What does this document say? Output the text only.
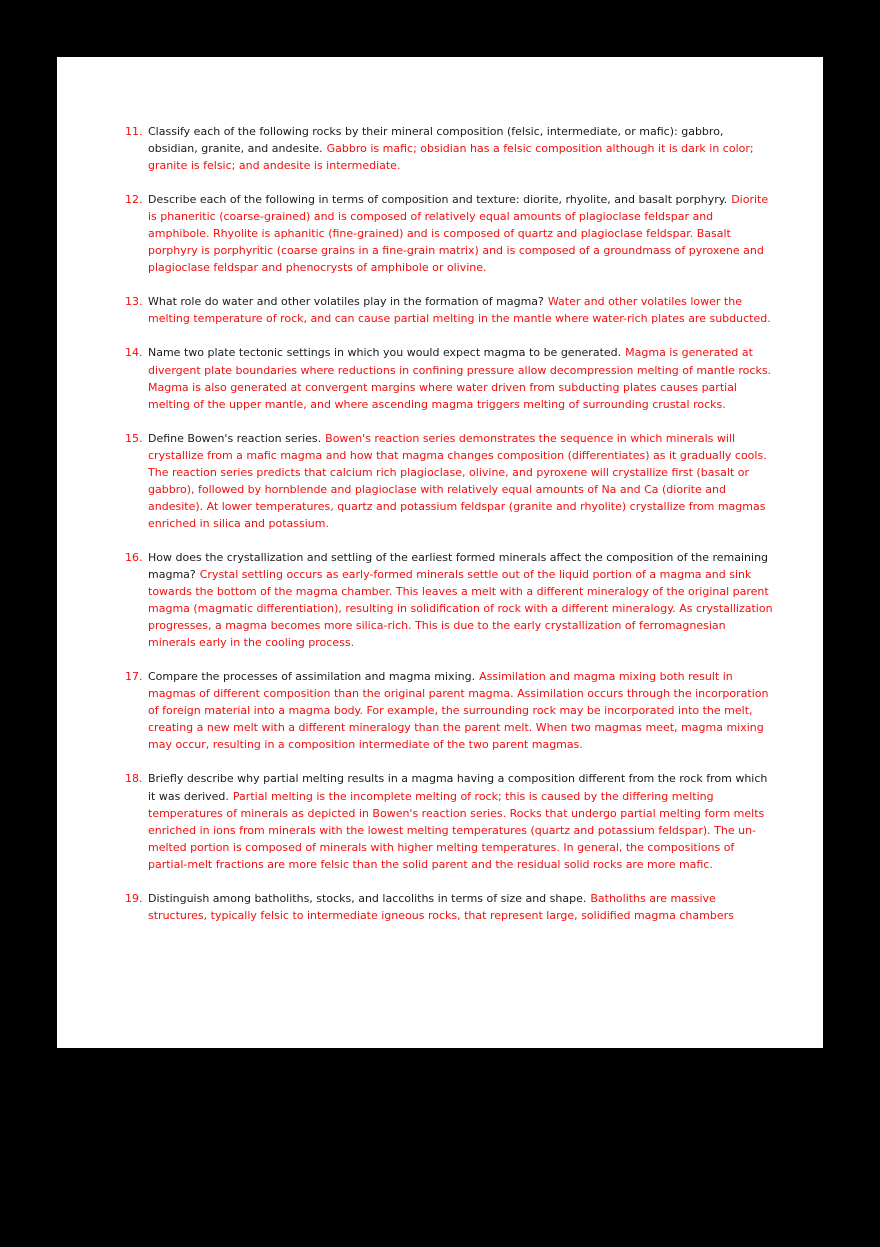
11. Classify each of the following rocks by their mineral composition (felsic, intermediate, or mafic): gabbro, obsidian, granite, and andesite. Gabbro is mafic; obsidian has a felsic composition although it is dark in color; granite is felsic; and andesite is intermediate.

12. Describe each of the following in terms of composition and texture: diorite, rhyolite, and basalt porphyry. Diorite is phaneritic (coarse-grained) and is composed of relatively equal amounts of plagioclase feldspar and amphibole. Rhyolite is aphanitic (fine-grained) and is composed of quartz and plagioclase feldspar. Basalt porphyry is porphyritic (coarse grains in a fine-grain matrix) and is composed of a groundmass of pyroxene and plagioclase feldspar and phenocrysts of amphibole or olivine.

13. What role do water and other volatiles play in the formation of magma? Water and other volatiles lower the melting temperature of rock, and can cause partial melting in the mantle where water-rich plates are subducted.

14. Name two plate tectonic settings in which you would expect magma to be generated. Magma is generated at divergent plate boundaries where reductions in confining pressure allow decompression melting of mantle rocks. Magma is also generated at convergent margins where water driven from subducting plates causes partial melting of the upper mantle, and where ascending magma triggers melting of surrounding crustal rocks.

15. Define Bowen's reaction series. Bowen's reaction series demonstrates the sequence in which minerals will crystallize from a mafic magma and how that magma changes composition (differentiates) as it gradually cools. The reaction series predicts that calcium rich plagioclase, olivine, and pyroxene will crystallize first (basalt or gabbro), followed by hornblende and plagioclase with relatively equal amounts of Na and Ca (diorite and andesite). At lower temperatures, quartz and potassium feldspar (granite and rhyolite) crystallize from magmas enriched in silica and potassium.

16. How does the crystallization and settling of the earliest formed minerals affect the composition of the remaining magma? Crystal settling occurs as early-formed minerals settle out of the liquid portion of a magma and sink towards the bottom of the magma chamber. This leaves a melt with a different mineralogy of the original parent magma (magmatic differentiation), resulting in solidification of rock with a different mineralogy. As crystallization progresses, a magma becomes more silica-rich. This is due to the early crystallization of ferromagnesian minerals early in the cooling process.

17. Compare the processes of assimilation and magma mixing. Assimilation and magma mixing both result in magmas of different composition than the original parent magma. Assimilation occurs through the incorporation of foreign material into a magma body. For example, the surrounding rock may be incorporated into the melt, creating a new melt with a different mineralogy than the parent melt. When two magmas meet, magma mixing may occur, resulting in a composition intermediate of the two parent magmas.

18. Briefly describe why partial melting results in a magma having a composition different from the rock from which it was derived. Partial melting is the incomplete melting of rock; this is caused by the differing melting temperatures of minerals as depicted in Bowen's reaction series. Rocks that undergo partial melting form melts enriched in ions from minerals with the lowest melting temperatures (quartz and potassium feldspar). The un-melted portion is composed of minerals with higher melting temperatures. In general, the compositions of partial-melt fractions are more felsic than the solid parent and the residual solid rocks are more mafic.

19. Distinguish among batholiths, stocks, and laccoliths in terms of size and shape. Batholiths are massive structures, typically felsic to intermediate igneous rocks, that represent large, solidified magma chambers
